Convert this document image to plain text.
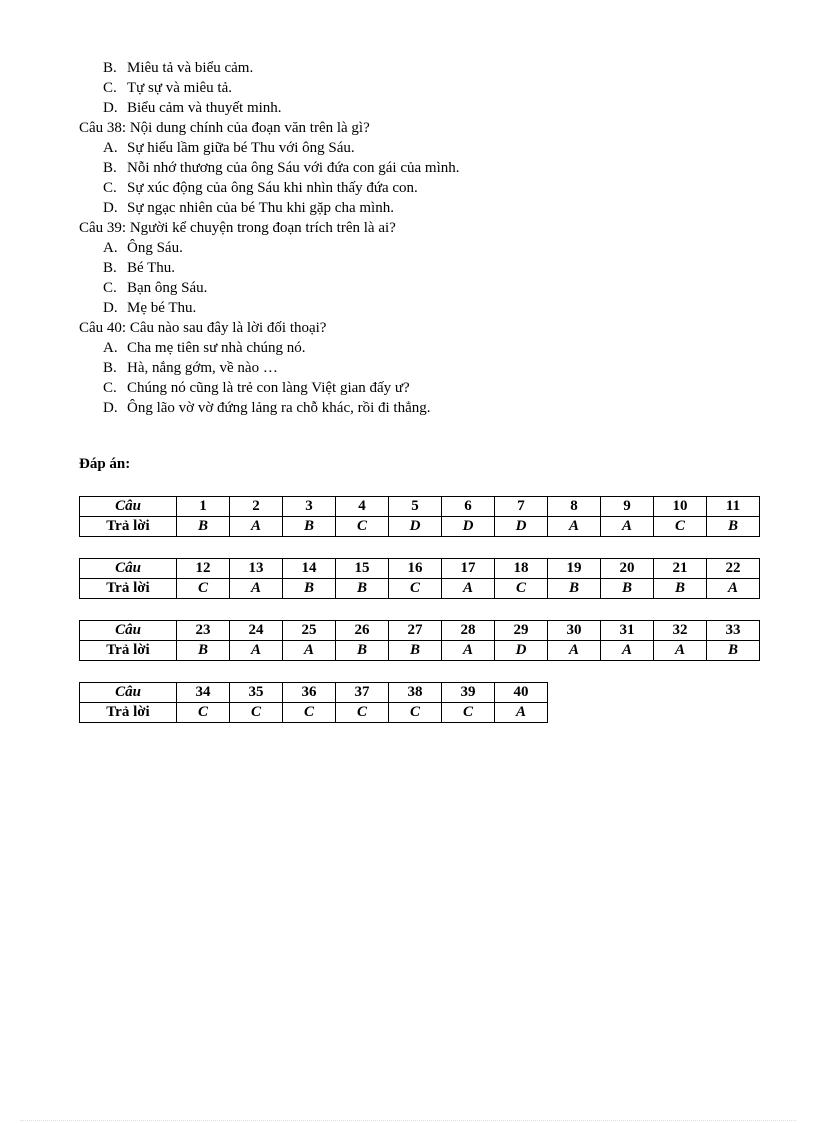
B. Miêu tả và biểu cảm.
C. Tự sự và miêu tả.
D. Biểu cảm và thuyết minh.
Câu 38: Nội dung chính của đoạn văn trên là gì?
A. Sự hiểu lầm giữa bé Thu với ông Sáu.
B. Nỗi nhớ thương của ông Sáu với đứa con gái của mình.
C. Sự xúc động của ông Sáu khi nhìn thấy đứa con.
D. Sự ngạc nhiên của bé Thu khi gặp cha mình.
Câu 39: Người kể chuyện trong đoạn trích trên là ai?
A. Ông Sáu.
B. Bé Thu.
C. Bạn ông Sáu.
D. Mẹ bé Thu.
Câu 40: Câu nào sau đây là lời đối thoại?
A. Cha mẹ tiên sư nhà chúng nó.
B. Hà, nắng gớm, về nào …
C. Chúng nó cũng là trẻ con làng Việt gian đấy ư?
D. Ông lão vờ vờ đứng lảng ra chỗ khác, rồi đi thẳng.
Đáp án:
Câu	1	2	3	4	5	6	7	8	9	10	11
Trả lời	B	A	B	C	D	D	D	A	A	C	B
Câu	12	13	14	15	16	17	18	19	20	21	22
Trả lời	C	A	B	B	C	A	C	B	B	B	A
Câu	23	24	25	26	27	28	29	30	31	32	33
Trả lời	B	A	A	B	B	A	D	A	A	A	B
Câu	34	35	36	37	38	39	40
Trả lời	C	C	C	C	C	C	A
